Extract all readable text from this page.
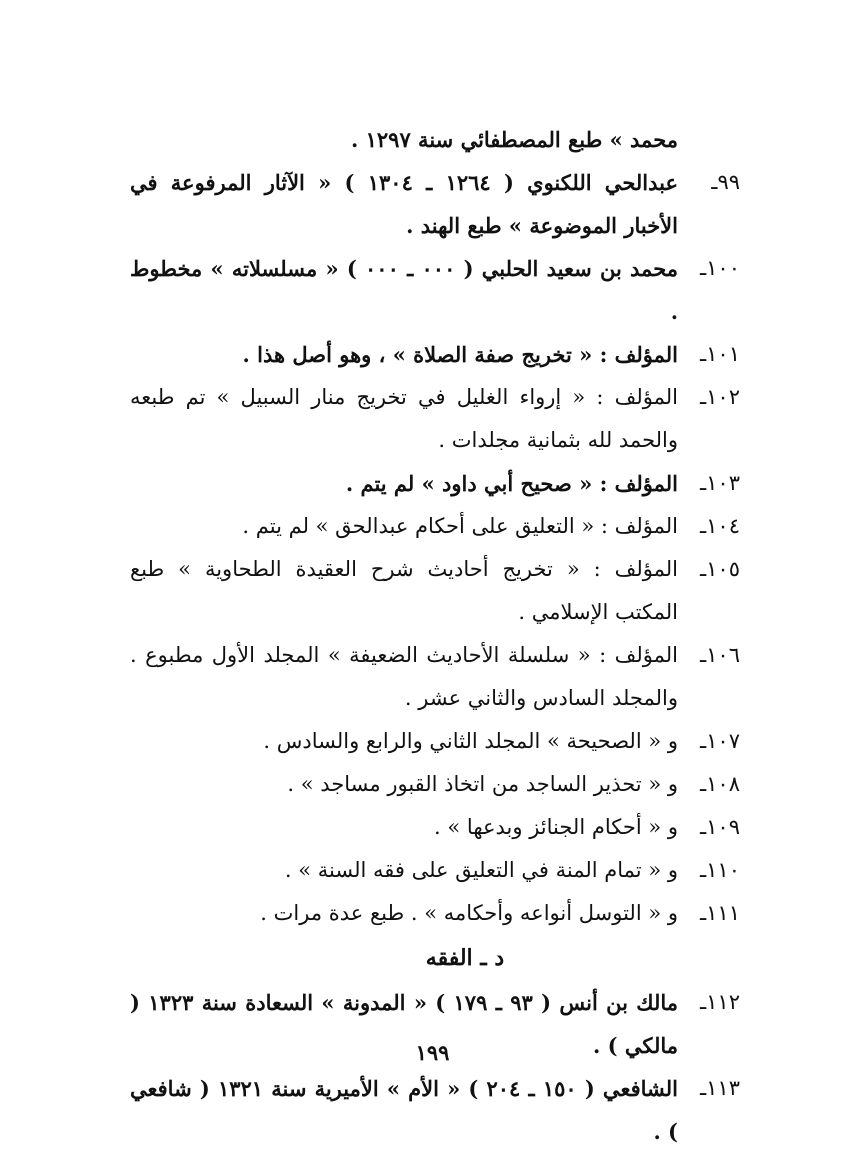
محمد » طبع المصطفائي سنة ١٢٩٧ .
٩٩ـ
عبدالحي اللكنوي ( ١٢٦٤ ـ ١٣٠٤ ) « الآثار المرفوعة في الأخبار الموضوعة » طبع الهند .
١٠٠ـ
محمد بن سعيد الحلبي ( ٠٠٠ ـ ٠٠٠ ) « مسلسلاته » مخطوط .
١٠١ـ
المؤلف : « تخريج صفة الصلاة » ، وهو أصل هذا .
١٠٢ـ
المؤلف : « إرواء الغليل في تخريج منار السبيل » تم طبعه والحمد لله بثمانية مجلدات .
١٠٣ـ
المؤلف : « صحيح أبي داود » لم يتم .
١٠٤ـ
المؤلف : « التعليق على أحكام عبدالحق » لم يتم .
١٠٥ـ
المؤلف : « تخريج أحاديث شرح العقيدة الطحاوية » طبع المكتب الإسلامي .
١٠٦ـ
المؤلف : « سلسلة الأحاديث الضعيفة » المجلد الأول مطبوع . والمجلد السادس والثاني عشر .
١٠٧ـ
و « الصحيحة » المجلد الثاني والرابع والسادس .
١٠٨ـ
و « تحذير الساجد من اتخاذ القبور مساجد » .
١٠٩ـ
و « أحكام الجنائز وبدعها » .
١١٠ـ
و « تمام المنة في التعليق على فقه السنة » .
١١١ـ
و « التوسل أنواعه وأحكامه » . طبع عدة مرات .
د ـ الفقه
١١٢ـ
مالك بن أنس ( ٩٣ ـ ١٧٩ ) « المدونة » السعادة سنة ١٣٢٣ ( مالكي ) .
١١٣ـ
الشافعي ( ١٥٠ ـ ٢٠٤ ) « الأم » الأميرية سنة ١٣٢١ ( شافعي ) .
١٩٩
